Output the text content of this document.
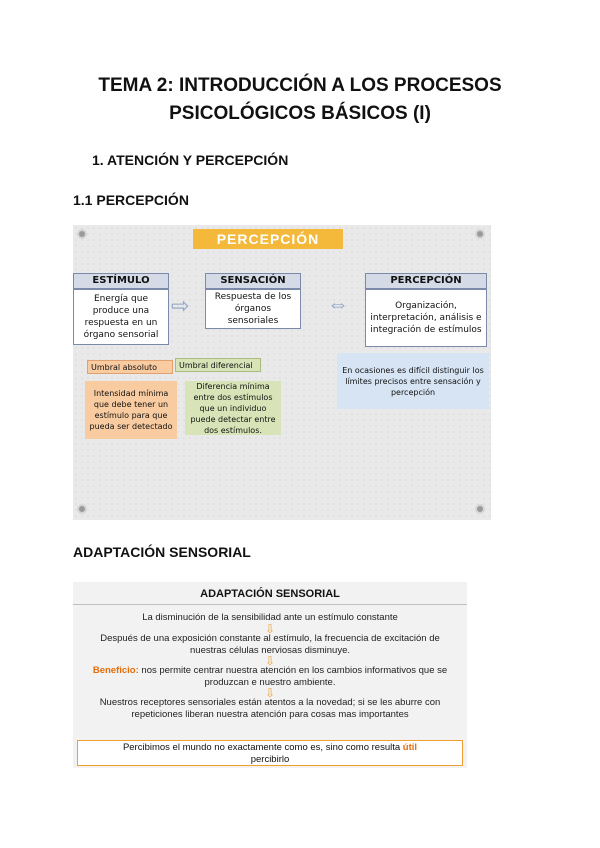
TEMA 2: INTRODUCCIÓN A LOS PROCESOS
PSICOLÓGICOS BÁSICOS (I)
1. ATENCIÓN Y PERCEPCIÓN
1.1 PERCEPCIÓN
PERCEPCIÓN
ESTÍMULO
Energía que produce una respuesta en un órgano sensorial
⇨
SENSACIÓN
Respuesta de los órganos sensoriales
⇔
PERCEPCIÓN
Organización, interpretación, análisis e integración de estímulos
Umbral absoluto	Umbral diferencial
Intensidad mínima que debe tener un estímulo para que pueda ser detectado
Diferencia mínima entre dos estímulos que un individuo puede detectar entre dos estímulos.
En ocasiones es difícil distinguir los límites precisos entre sensación y percepción
ADAPTACIÓN SENSORIAL
ADAPTACIÓN SENSORIAL
La disminución de la sensibilidad ante un estímulo constante
⇩
Después de una exposición constante al estímulo, la frecuencia de excitación de nuestras células nerviosas disminuye.
⇩
Beneficio: nos permite centrar nuestra atención en los cambios informativos que se produzcan e nuestro ambiente.
⇩
Nuestros receptores sensoriales están atentos a la novedad; si se les aburre con repeticiones liberan nuestra atención para cosas mas importantes
Percibimos el mundo no exactamente como es, sino como resulta útil
percibirlo
